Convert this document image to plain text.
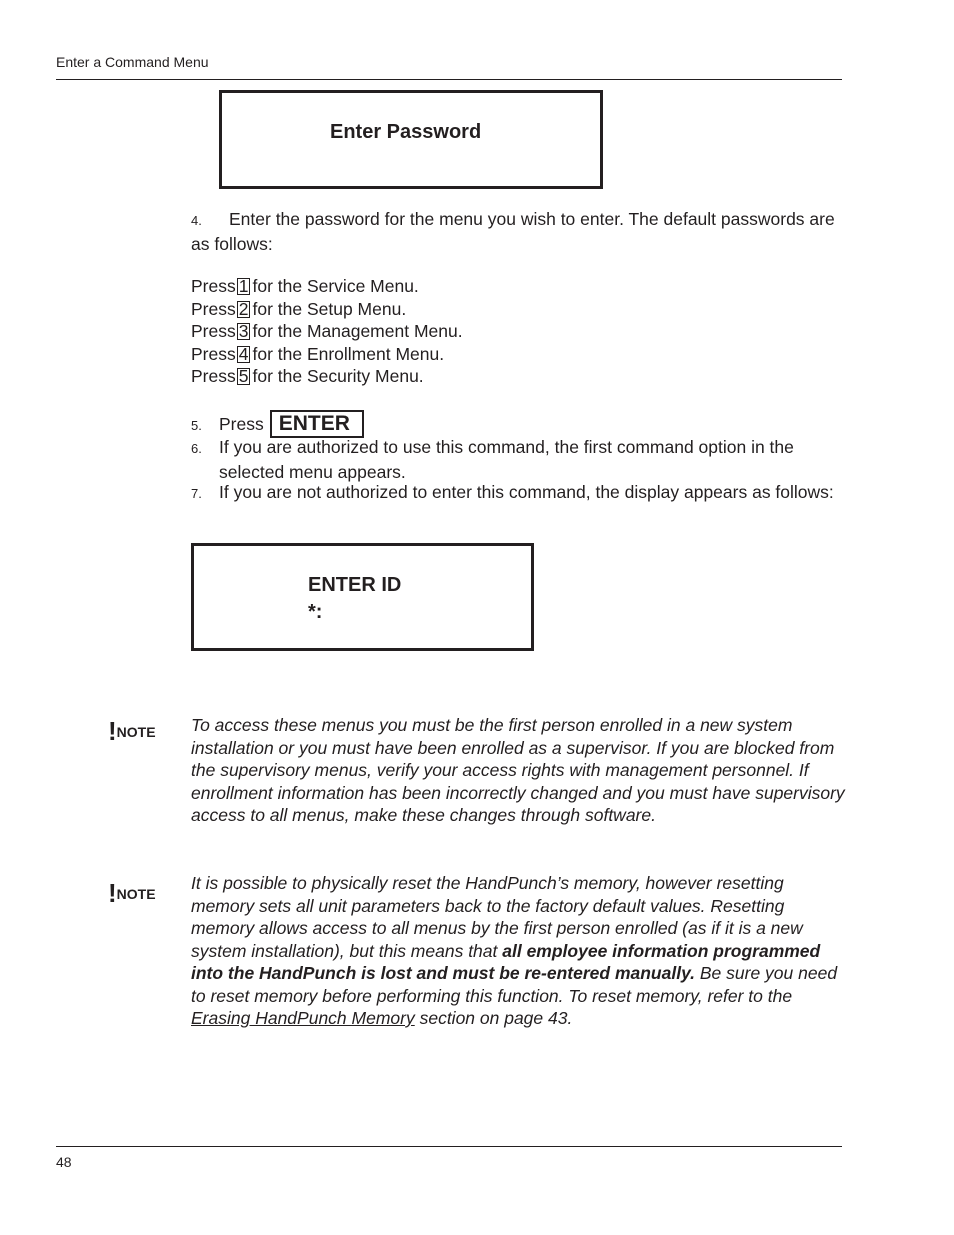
Enter a Command Menu
Enter Password
4. Enter the password for the menu you wish to enter. The default passwords are as follows:
Press 1 for the Service Menu.
Press 2 for the Setup Menu.
Press 3 for the Management Menu.
Press 4 for the Enrollment Menu.
Press 5 for the Security Menu.
5. Press ENTER
6. If you are authorized to use this command, the first command option in the selected menu appears.
7. If you are not authorized to enter this command, the display appears as follows:
ENTER ID
*:
!NOTE To access these menus you must be the first person enrolled in a new system installation or you must have been enrolled as a supervisor. If you are blocked from the supervisory menus, verify your access rights with management personnel. If enrollment information has been incorrectly changed and you must have supervisory access to all menus, make these changes through software.
!NOTE
It is possible to physically reset the HandPunch’s memory, however resetting memory sets all unit parameters back to the factory default values. Resetting memory allows access to all menus by the first person enrolled (as if it is a new system installation), but this means that all employee information programmed into the HandPunch is lost and must be re-entered manually. Be sure you need to reset memory before performing this function. To reset memory, refer to the Erasing HandPunch Memory section on page 43.
48
